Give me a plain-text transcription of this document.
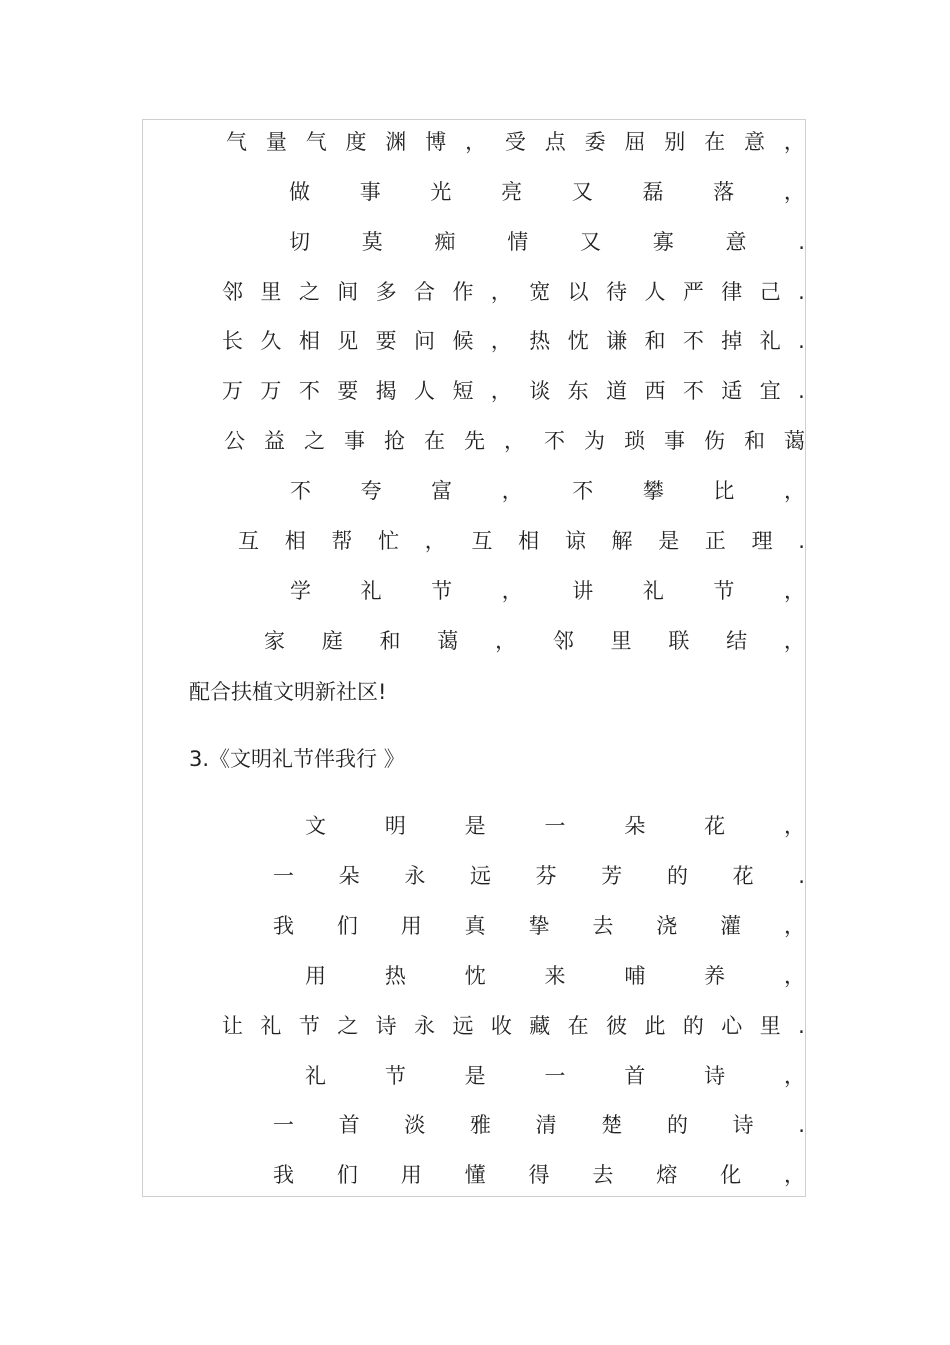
气 量 气 度 渊 博 ， 受 点 委 屈 别 在 意 ，
做 事 光 亮 又 磊 落 ，
切 莫 痴 情 又 寡 意 .
邻 里 之 间 多 合 作 ， 宽 以 待 人 严 律 己 .
长 久 相 见 要 问 候 ， 热 忱 谦 和 不 掉 礼 .
万 万 不 要 揭 人 短 ， 谈 东 道 西 不 适 宜 .
公 益 之 事 抢 在 先 ， 不 为 琐 事 伤 和 蔼
不 夸 富 ， 不 攀 比 ，
互 相 帮 忙 ， 互 相 谅 解 是 正 理 .
学 礼 节 ， 讲 礼 节 ，
家 庭 和 蔼 ， 邻 里 联 结 ，
配合扶植文明新社区!
3.《文明礼节伴我行 》
文	明	是	一	朵	花	，
一 朵 永 远 芬 芳 的 花 .
我 们 用 真 挚 去 浇 灌 ，
用	热	忱	来	哺	养	，
让 礼 节 之 诗 永 远 收 藏 在 彼 此 的 心 里 .
礼	节	是	一	首	诗	，
一 首 淡 雅 清 楚 的 诗 .
我 们 用 懂 得 去 熔 化 ，
